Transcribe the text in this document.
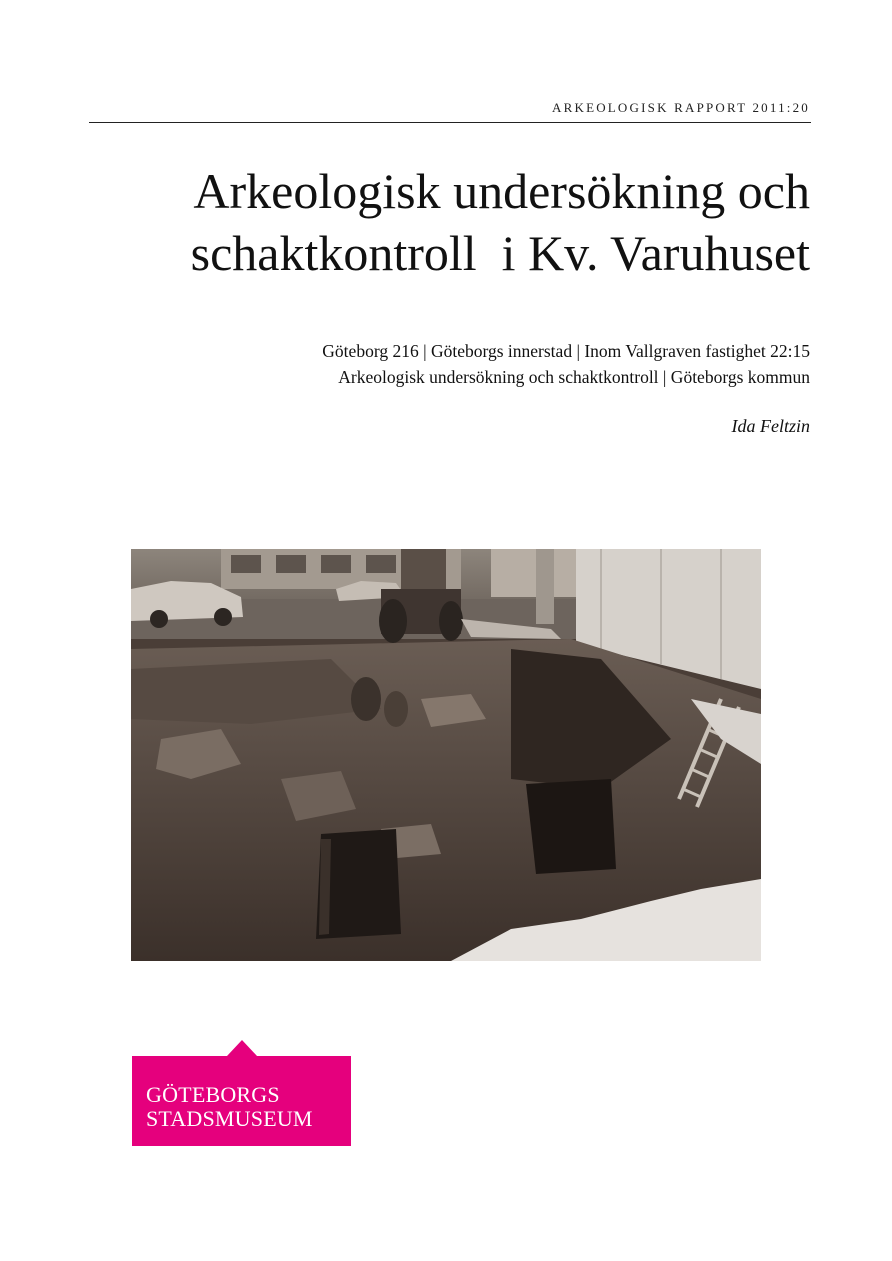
ARKEOLOGISK RAPPORT 2011:20
Arkeologisk undersökning och
schaktkontroll  i Kv. Varuhuset
Göteborg 216 | Göteborgs innerstad | Inom Vallgraven fastighet 22:15
Arkeologisk undersökning och schaktkontroll | Göteborgs kommun
Ida Feltzin
GÖTEBORGS
STADSMUSEUM
